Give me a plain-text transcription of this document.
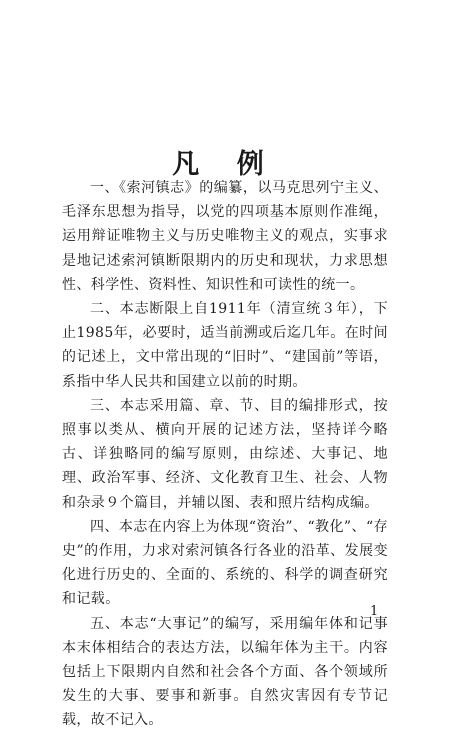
凡 例

一、《索河镇志》的编纂，以马克思列宁主义、毛泽东思想为指导，以党的四项基本原则作准绳，运用辩证唯物主义与历史唯物主义的观点，实事求是地记述索河镇断限期内的历史和现状，力求思想性、科学性、资料性、知识性和可读性的统一。

二、本志断限上自1911年（清宣统３年），下止1985年，必要时，适当前溯或后迄几年。在时间的记述上，文中常出现的“旧时”、“建国前”等语，系指中华人民共和国建立以前的时期。

三、本志采用篇、章、节、目的编排形式，按照事以类从、横向开展的记述方法，坚持详今略古、详独略同的编写原则，由综述、大事记、地理、政治军事、经济、文化教育卫生、社会、人物和杂录９个篇目，并辅以图、表和照片结构成编。

四、本志在内容上为体现“资治”、“教化”、“存史”的作用，力求对索河镇各行各业的沿革、发展变化进行历史的、全面的、系统的、科学的调查研究和记载。

五、本志“大事记”的编写，采用编年体和记事本末体相结合的表达方法，以编年体为主干。内容包括上下限期内自然和社会各个方面、各个领域所发生的大事、要事和新事。自然灾害因有专节记载，故不记入。

1
